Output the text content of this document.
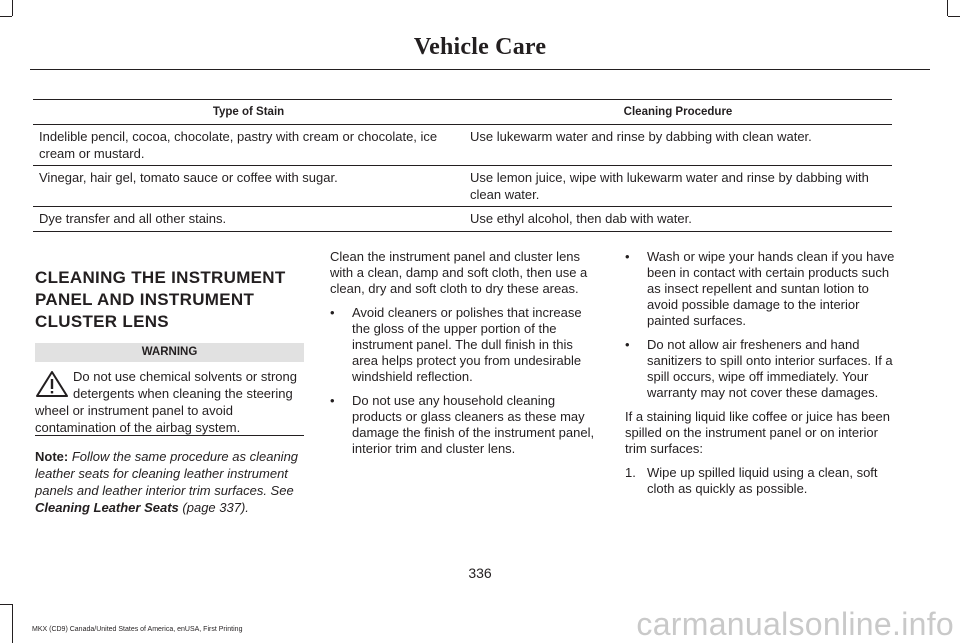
Vehicle Care
Type of Stain	Cleaning Procedure
Indelible pencil, cocoa, chocolate, pastry with cream or chocolate, ice cream or mustard.	Use lukewarm water and rinse by dabbing with clean water.
Vinegar, hair gel, tomato sauce or coffee with sugar.	Use lemon juice, wipe with lukewarm water and rinse by dabbing with clean water.
Dye transfer and all other stains.	Use ethyl alcohol, then dab with water.
CLEANING THE INSTRUMENT
PANEL AND INSTRUMENT
CLUSTER LENS
WARNING
Do not use chemical solvents or strong detergents when cleaning the steering wheel or instrument panel to avoid contamination of the airbag system.
Note: Follow the same procedure as cleaning leather seats for cleaning leather instrument panels and leather interior trim surfaces. See Cleaning Leather Seats (page 337).

Clean the instrument panel and cluster lens with a clean, damp and soft cloth, then use a clean, dry and soft cloth to dry these areas.

• Avoid cleaners or polishes that increase the gloss of the upper portion of the instrument panel. The dull finish in this area helps protect you from undesirable windshield reflection.
• Do not use any household cleaning products or glass cleaners as these may damage the finish of the instrument panel, interior trim and cluster lens.
• Wash or wipe your hands clean if you have been in contact with certain products such as insect repellent and suntan lotion to avoid possible damage to the interior painted surfaces.
• Do not allow air fresheners and hand sanitizers to spill onto interior surfaces. If a spill occurs, wipe off immediately. Your warranty may not cover these damages.

If a staining liquid like coffee or juice has been spilled on the instrument panel or on interior trim surfaces:

1. Wipe up spilled liquid using a clean, soft cloth as quickly as possible.
336
MKX (CD9) Canada/United States of America, enUSA, First Printing	carmanualsonline.info
